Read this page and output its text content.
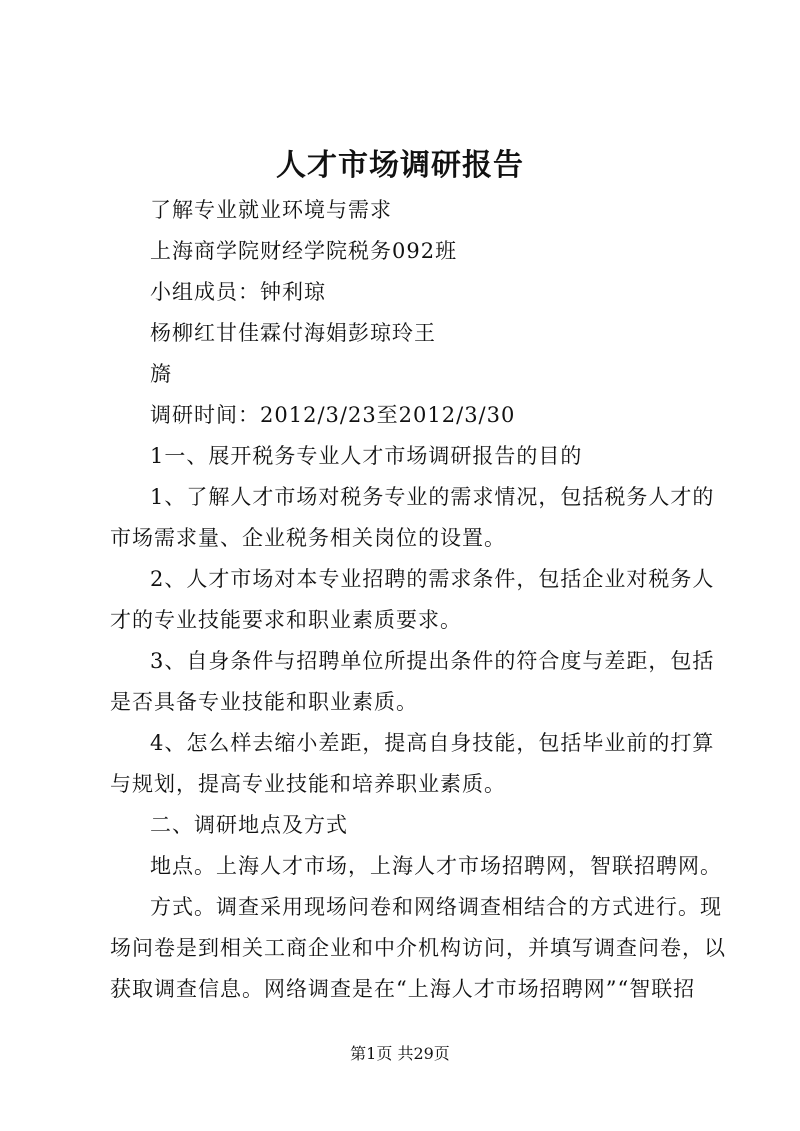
人才市场调研报告
了解专业就业环境与需求
上海商学院财经学院税务092班
小组成员：钟利琼
杨柳红甘佳霖付海娟彭琼玲王
旖
调研时间：2012/3/23至2012/3/30
1一、展开税务专业人才市场调研报告的目的
1、了解人才市场对税务专业的需求情况，包括税务人才的
市场需求量、企业税务相关岗位的设置。
2、人才市场对本专业招聘的需求条件，包括企业对税务人
才的专业技能要求和职业素质要求。
3、自身条件与招聘单位所提出条件的符合度与差距，包括
是否具备专业技能和职业素质。
4、怎么样去缩小差距，提高自身技能，包括毕业前的打算
与规划，提高专业技能和培养职业素质。
二、调研地点及方式
地点。上海人才市场，上海人才市场招聘网，智联招聘网。
方式。调查采用现场问卷和网络调查相结合的方式进行。现
场问卷是到相关工商企业和中介机构访问，并填写调查问卷，以
获取调查信息。网络调查是在“上海人才市场招聘网”“智联招
第1页 共29页
